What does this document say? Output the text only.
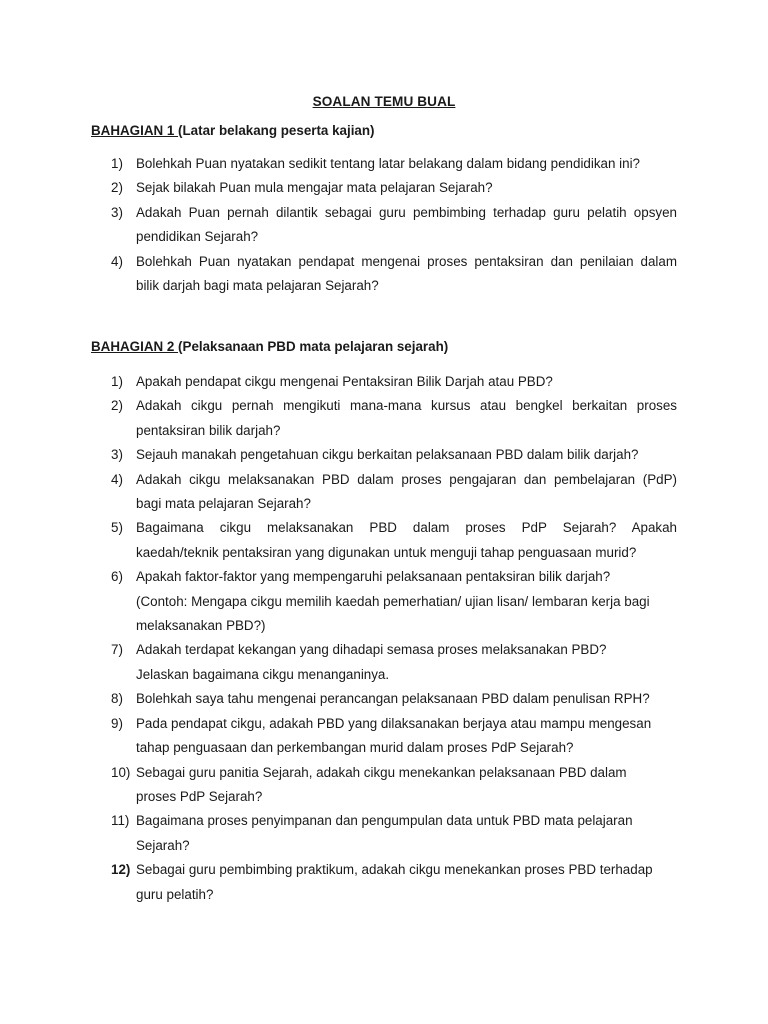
SOALAN TEMU BUAL
BAHAGIAN 1 (Latar belakang peserta kajian)
1) Bolehkah Puan nyatakan sedikit tentang latar belakang dalam bidang pendidikan ini?
2) Sejak bilakah Puan mula mengajar mata pelajaran Sejarah?
3) Adakah Puan pernah dilantik sebagai guru pembimbing terhadap guru pelatih opsyen
pendidikan Sejarah?
4) Bolehkah Puan nyatakan pendapat mengenai proses pentaksiran dan penilaian dalam
bilik darjah bagi mata pelajaran Sejarah?
BAHAGIAN 2 (Pelaksanaan PBD mata pelajaran sejarah)
1) Apakah pendapat cikgu mengenai Pentaksiran Bilik Darjah atau PBD?
2) Adakah cikgu pernah mengikuti mana-mana kursus atau bengkel berkaitan proses
pentaksiran bilik darjah?
3) Sejauh manakah pengetahuan cikgu berkaitan pelaksanaan PBD dalam bilik darjah?
4) Adakah cikgu melaksanakan PBD dalam proses pengajaran dan pembelajaran (PdP)
bagi mata pelajaran Sejarah?
5) Bagaimana cikgu melaksanakan PBD dalam proses PdP Sejarah? Apakah
kaedah/teknik pentaksiran yang digunakan untuk menguji tahap penguasaan murid?
6) Apakah faktor-faktor yang mempengaruhi pelaksanaan pentaksiran bilik darjah?
(Contoh: Mengapa cikgu memilih kaedah pemerhatian/ ujian lisan/ lembaran kerja bagi
melaksanakan PBD?)
7) Adakah terdapat kekangan yang dihadapi semasa proses melaksanakan PBD?
Jelaskan bagaimana cikgu menanganinya.
8) Bolehkah saya tahu mengenai perancangan pelaksanaan PBD dalam penulisan RPH?
9) Pada pendapat cikgu, adakah PBD yang dilaksanakan berjaya atau mampu mengesan
tahap penguasaan dan perkembangan murid dalam proses PdP Sejarah?
10) Sebagai guru panitia Sejarah, adakah cikgu menekankan pelaksanaan PBD dalam
proses PdP Sejarah?
11) Bagaimana proses penyimpanan dan pengumpulan data untuk PBD mata pelajaran
Sejarah?
12) Sebagai guru pembimbing praktikum, adakah cikgu menekankan proses PBD terhadap
guru pelatih?
